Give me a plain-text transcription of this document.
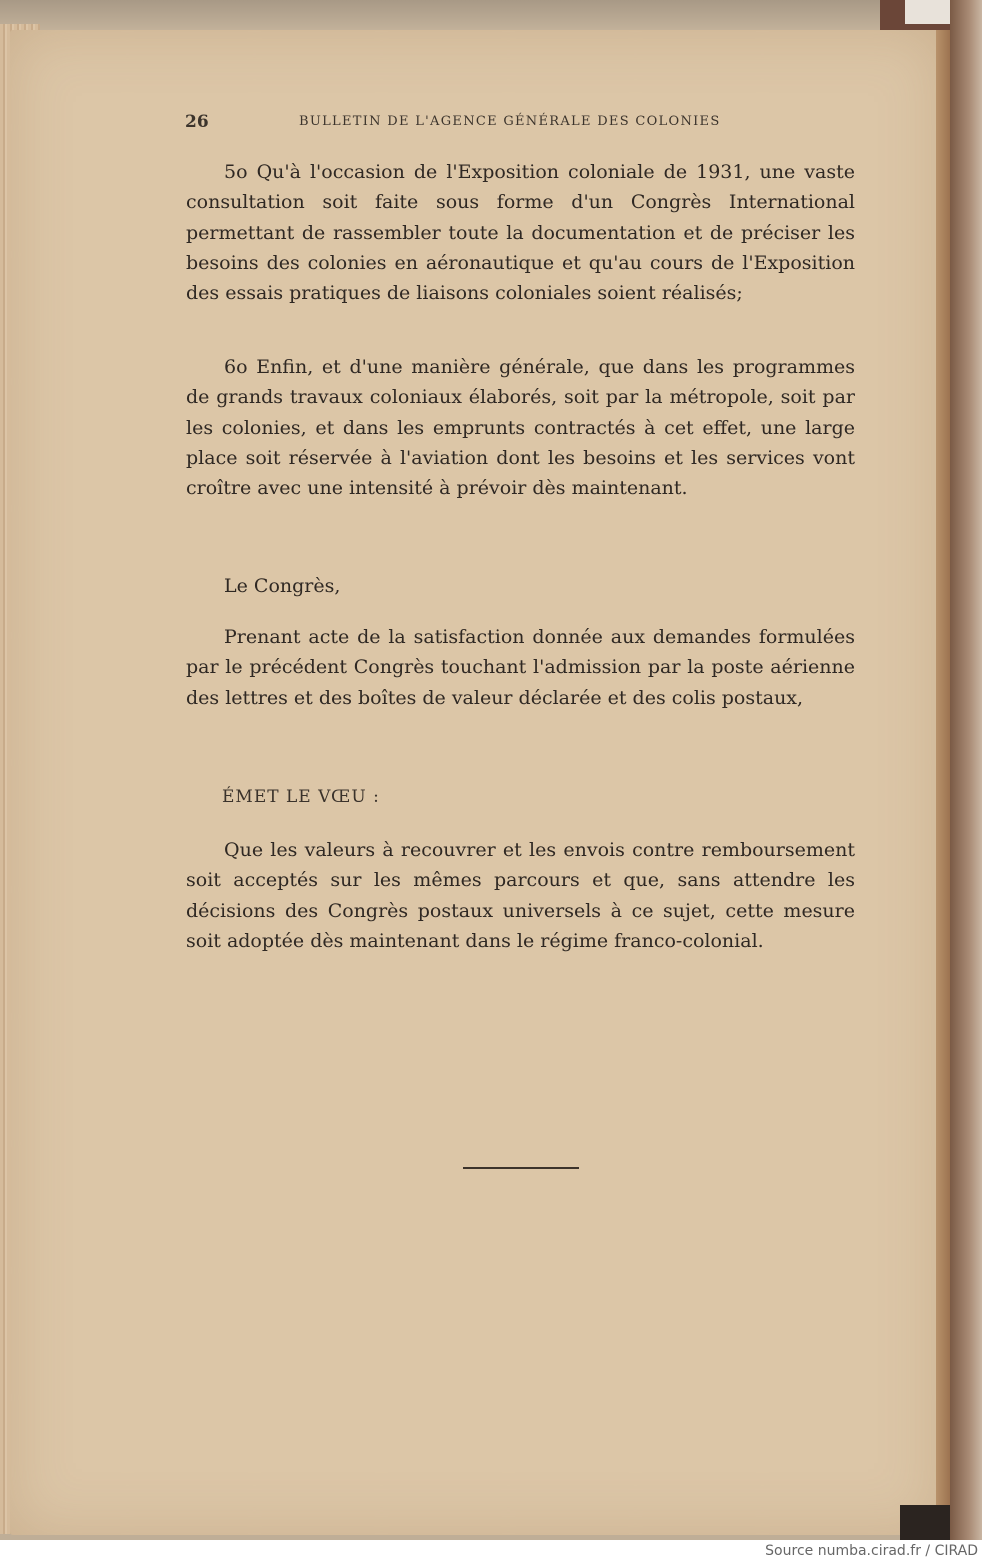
26	BULLETIN DE L'AGENCE GÉNÉRALE DES COLONIES

5o Qu'à l'occasion de l'Exposition coloniale de 1931, une vaste consultation soit faite sous forme d'un Congrès International permettant de rassembler toute la documentation et de préciser les besoins des colonies en aéronautique et qu'au cours de l'Exposition des essais pratiques de liaisons coloniales soient réalisés;

6o Enfin, et d'une manière générale, que dans les programmes de grands travaux coloniaux élaborés, soit par la métropole, soit par les colonies, et dans les emprunts contractés à cet effet, une large place soit réservée à l'aviation dont les besoins et les services vont croître avec une intensité à prévoir dès maintenant.

Le Congrès,

Prenant acte de la satisfaction donnée aux demandes formulées par le précédent Congrès touchant l'admission par la poste aérienne des lettres et des boîtes de valeur déclarée et des colis postaux,

ÉMET LE VŒU :

Que les valeurs à recouvrer et les envois contre remboursement soit acceptés sur les mêmes parcours et que, sans attendre les décisions des Congrès postaux universels à ce sujet, cette mesure soit adoptée dès maintenant dans le régime franco-colonial.

Source numba.cirad.fr / CIRAD
